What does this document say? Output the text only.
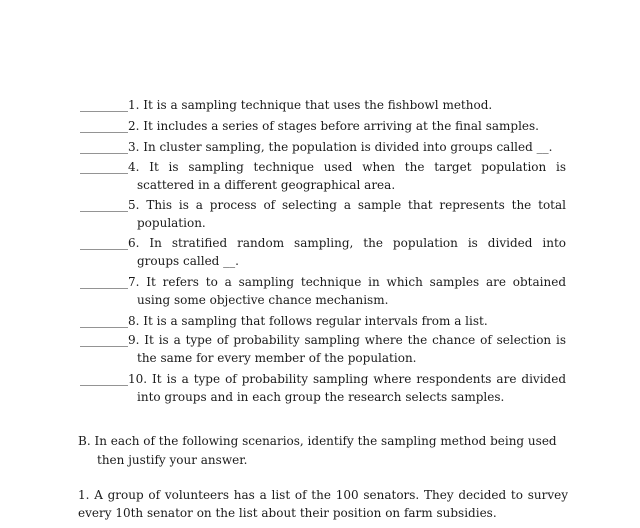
________ 1. It is a sampling technique that uses the fishbowl method.
________ 2. It includes a series of stages before arriving at the final samples.
________ 3. In cluster sampling, the population is divided into groups called __.
________ 4. It is sampling technique used when the target population is
scattered in a different geographical area.
________ 5. This is a process of selecting a sample that represents the total
population.
________ 6. In stratified random sampling, the population is divided into
groups called __.
________ 7. It refers to a sampling technique in which samples are obtained
using some objective chance mechanism.
________ 8. It is a sampling that follows regular intervals from a list.
________ 9. It is a type of probability sampling where the chance of selection is
the same for every member of the population.
________ 10. It is a type of probability sampling where respondents are divided
into groups and in each group the research selects samples.
B. In each of the following scenarios, identify the sampling method being used
then justify your answer.
1. A group of volunteers has a list of the 100 senators. They decided to survey
every 10th senator on the list about their position on farm subsidies.
